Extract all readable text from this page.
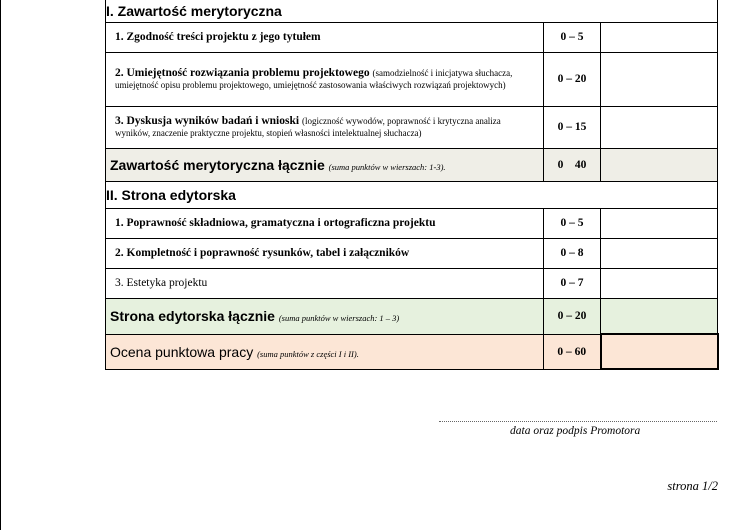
I. Zawartość merytoryczna		
1. Zgodność treści projektu z jego tytułem	0 – 5	
2. Umiejętność rozwiązania problemu projektowego (samodzielność i inicjatywa słuchacza, umiejętność opisu problemu projektowego, umiejętność zastosowania właściwych rozwiązań projektowych)	0 – 20	
3. Dyskusja wyników badań i wnioski (logiczność wywodów, poprawność i krytyczna analiza wyników, znaczenie praktyczne projektu, stopień własności intelektualnej słuchacza)	0 – 15	
Zawartość merytoryczna łącznie (suma punktów w wierszach: 1-3).	0    40	
II. Strona edytorska		
1. Poprawność składniowa, gramatyczna i ortograficzna projektu	0 – 5	
2. Kompletność i poprawność rysunków, tabel i załączników	0 – 8	
3. Estetyka projektu	0 – 7	
Strona edytorska łącznie (suma punktów w wierszach: 1 – 3)	0 – 20	
Ocena punktowa pracy (suma punktów z części I i II).	0 – 60	
data oraz podpis Promotora
strona 1/2
